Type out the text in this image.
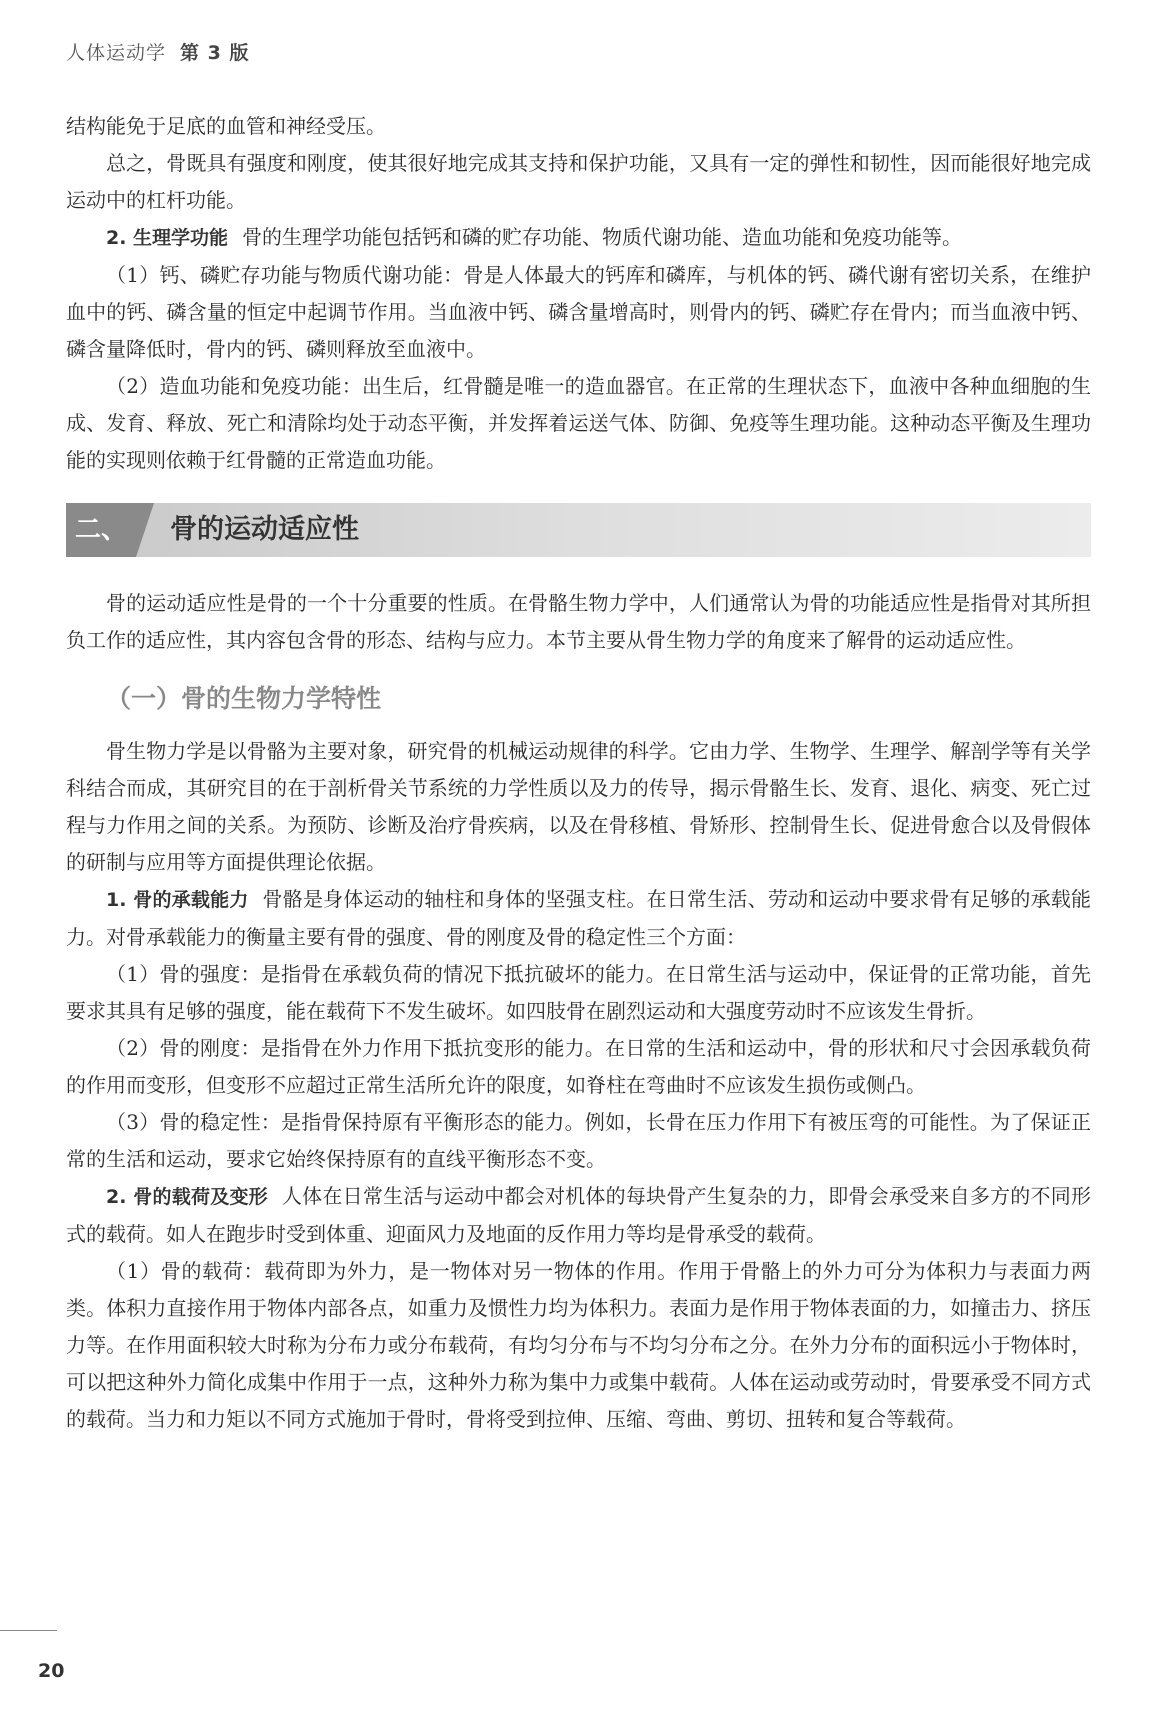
人体运动学 第 3 版

结构能免于足底的血管和神经受压。

总之，骨既具有强度和刚度，使其很好地完成其支持和保护功能，又具有一定的弹性和韧性，因而能很好地完成运动中的杠杆功能。

2. 生理学功能 骨的生理学功能包括钙和磷的贮存功能、物质代谢功能、造血功能和免疫功能等。

（1）钙、磷贮存功能与物质代谢功能：骨是人体最大的钙库和磷库，与机体的钙、磷代谢有密切关系，在维护血中的钙、磷含量的恒定中起调节作用。当血液中钙、磷含量增高时，则骨内的钙、磷贮存在骨内；而当血液中钙、磷含量降低时，骨内的钙、磷则释放至血液中。

（2）造血功能和免疫功能：出生后，红骨髓是唯一的造血器官。在正常的生理状态下，血液中各种血细胞的生成、发育、释放、死亡和清除均处于动态平衡，并发挥着运送气体、防御、免疫等生理功能。这种动态平衡及生理功能的实现则依赖于红骨髓的正常造血功能。

二、	骨的运动适应性

骨的运动适应性是骨的一个十分重要的性质。在骨骼生物力学中，人们通常认为骨的功能适应性是指骨对其所担负工作的适应性，其内容包含骨的形态、结构与应力。本节主要从骨生物力学的角度来了解骨的运动适应性。

（一）骨的生物力学特性

骨生物力学是以骨骼为主要对象，研究骨的机械运动规律的科学。它由力学、生物学、生理学、解剖学等有关学科结合而成，其研究目的在于剖析骨关节系统的力学性质以及力的传导，揭示骨骼生长、发育、退化、病变、死亡过程与力作用之间的关系。为预防、诊断及治疗骨疾病，以及在骨移植、骨矫形、控制骨生长、促进骨愈合以及骨假体的研制与应用等方面提供理论依据。

1. 骨的承载能力 骨骼是身体运动的轴柱和身体的坚强支柱。在日常生活、劳动和运动中要求骨有足够的承载能力。对骨承载能力的衡量主要有骨的强度、骨的刚度及骨的稳定性三个方面：

（1）骨的强度：是指骨在承载负荷的情况下抵抗破坏的能力。在日常生活与运动中，保证骨的正常功能，首先要求其具有足够的强度，能在载荷下不发生破坏。如四肢骨在剧烈运动和大强度劳动时不应该发生骨折。

（2）骨的刚度：是指骨在外力作用下抵抗变形的能力。在日常的生活和运动中，骨的形状和尺寸会因承载负荷的作用而变形，但变形不应超过正常生活所允许的限度，如脊柱在弯曲时不应该发生损伤或侧凸。

（3）骨的稳定性：是指骨保持原有平衡形态的能力。例如，长骨在压力作用下有被压弯的可能性。为了保证正常的生活和运动，要求它始终保持原有的直线平衡形态不变。

2. 骨的载荷及变形 人体在日常生活与运动中都会对机体的每块骨产生复杂的力，即骨会承受来自多方的不同形式的载荷。如人在跑步时受到体重、迎面风力及地面的反作用力等均是骨承受的载荷。

（1）骨的载荷：载荷即为外力，是一物体对另一物体的作用。作用于骨骼上的外力可分为体积力与表面力两类。体积力直接作用于物体内部各点，如重力及惯性力均为体积力。表面力是作用于物体表面的力，如撞击力、挤压力等。在作用面积较大时称为分布力或分布载荷，有均匀分布与不均匀分布之分。在外力分布的面积远小于物体时，可以把这种外力简化成集中作用于一点，这种外力称为集中力或集中载荷。人体在运动或劳动时，骨要承受不同方式的载荷。当力和力矩以不同方式施加于骨时，骨将受到拉伸、压缩、弯曲、剪切、扭转和复合等载荷。

20
